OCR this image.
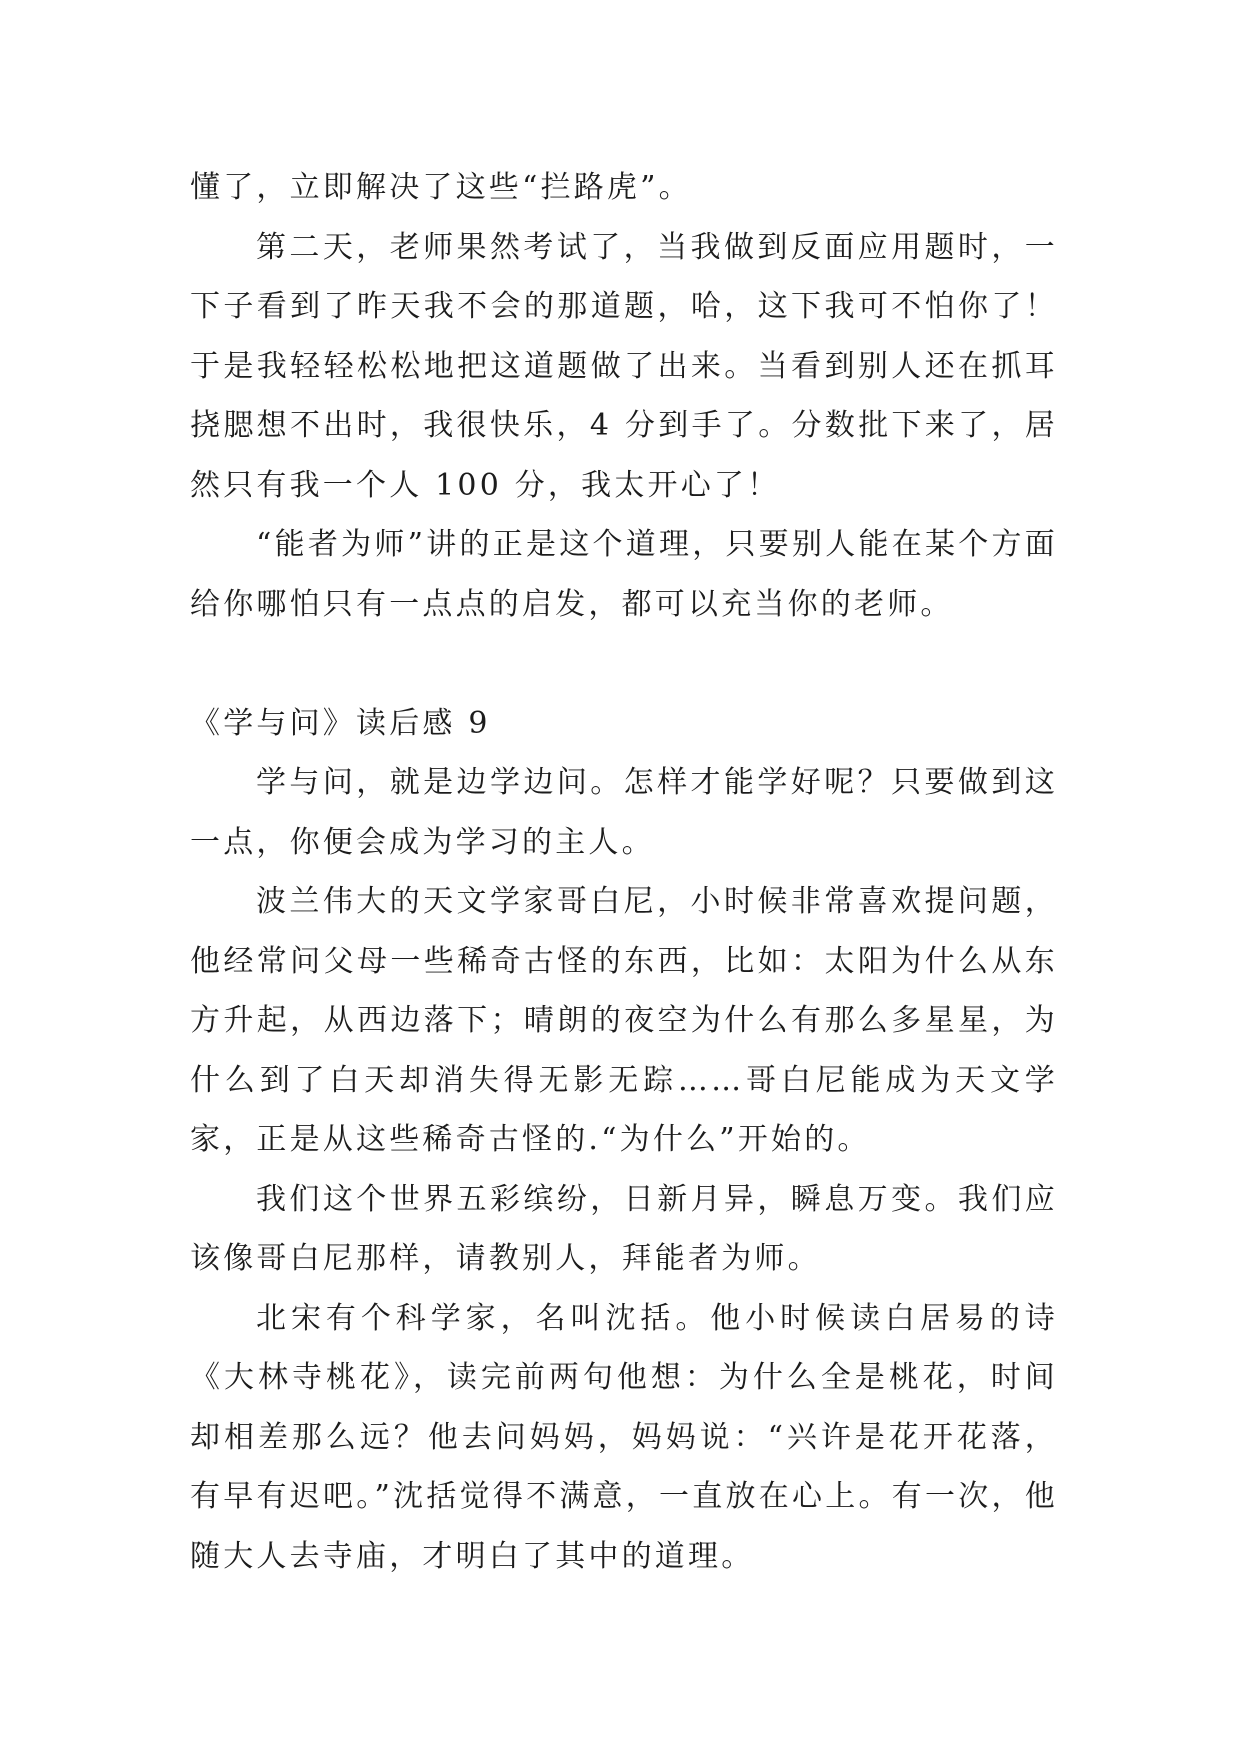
懂了，立即解决了这些“拦路虎”。

第二天，老师果然考试了，当我做到反面应用题时，一下子看到了昨天我不会的那道题，哈，这下我可不怕你了！于是我轻轻松松地把这道题做了出来。当看到别人还在抓耳挠腮想不出时，我很快乐，4 分到手了。分数批下来了，居然只有我一个人 100 分，我太开心了！

“能者为师”讲的正是这个道理，只要别人能在某个方面给你哪怕只有一点点的启发，都可以充当你的老师。

《学与问》读后感 9

学与问，就是边学边问。怎样才能学好呢？只要做到这一点，你便会成为学习的主人。

波兰伟大的天文学家哥白尼，小时候非常喜欢提问题，他经常问父母一些稀奇古怪的东西，比如：太阳为什么从东方升起，从西边落下；晴朗的夜空为什么有那么多星星，为什么到了白天却消失得无影无踪……哥白尼能成为天文学家，正是从这些稀奇古怪的.“为什么”开始的。

我们这个世界五彩缤纷，日新月异，瞬息万变。我们应该像哥白尼那样，请教别人，拜能者为师。

北宋有个科学家，名叫沈括。他小时候读白居易的诗《大林寺桃花》，读完前两句他想：为什么全是桃花，时间却相差那么远？他去问妈妈，妈妈说：“兴许是花开花落，有早有迟吧。”沈括觉得不满意，一直放在心上。有一次，他随大人去寺庙，才明白了其中的道理。
